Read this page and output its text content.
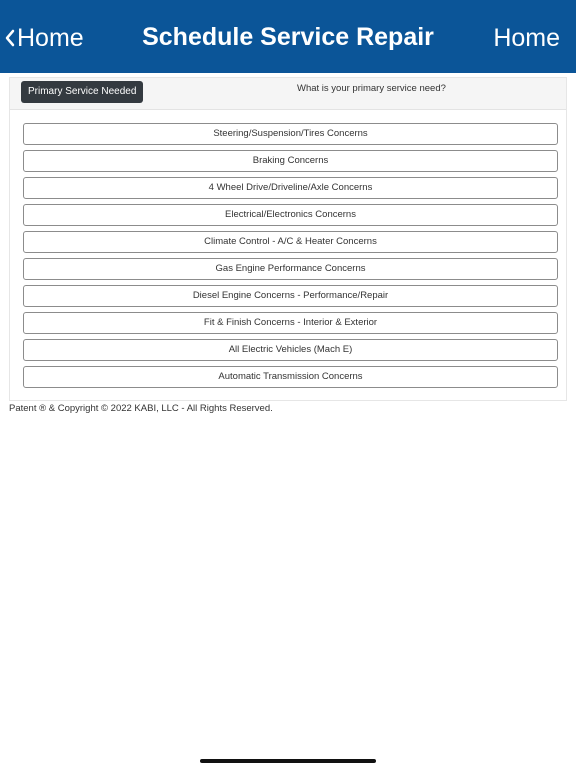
Home	Schedule Service Repair	Home
Primary Service Needed	What is your primary service need?
Steering/Suspension/Tires Concerns
Braking Concerns
4 Wheel Drive/Driveline/Axle Concerns
Electrical/Electronics Concerns
Climate Control - A/C & Heater Concerns
Gas Engine Performance Concerns
Diesel Engine Concerns - Performance/Repair
Fit & Finish Concerns - Interior & Exterior
All Electric Vehicles (Mach E)
Automatic Transmission Concerns
Patent ® & Copyright © 2022 KABI, LLC - All Rights Reserved.
